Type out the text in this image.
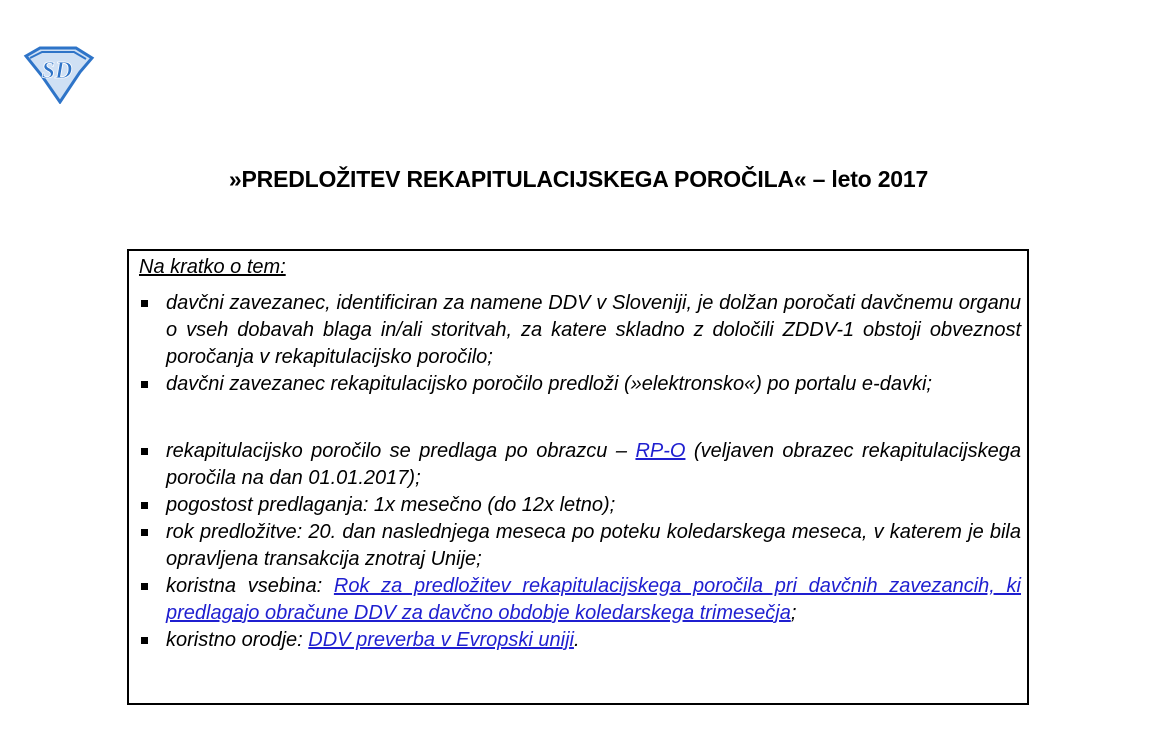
SD
»PREDLOŽITEV REKAPITULACIJSKEGA POROČILA« – leto 2017
Na kratko o tem:
davčni zavezanec, identificiran za namene DDV v Sloveniji, je dolžan poročati davčnemu organu o vseh dobavah blaga in/ali storitvah, za katere skladno z določili ZDDV-1 obstoji obveznost poročanja v rekapitulacijsko poročilo;
davčni zavezanec rekapitulacijsko poročilo predloži (»elektronsko«) po portalu e-davki;
rekapitulacijsko poročilo se predlaga po obrazcu – RP-O (veljaven obrazec rekapitulacijskega poročila na dan 01.01.2017);
pogostost predlaganja: 1x mesečno (do 12x letno);
rok predložitve: 20. dan naslednjega meseca po poteku koledarskega meseca, v katerem je bila opravljena transakcija znotraj Unije;
koristna vsebina: Rok za predložitev rekapitulacijskega poročila pri davčnih zavezancih, ki predlagajo obračune DDV za davčno obdobje koledarskega trimesečja;
koristno orodje: DDV preverba v Evropski uniji.
